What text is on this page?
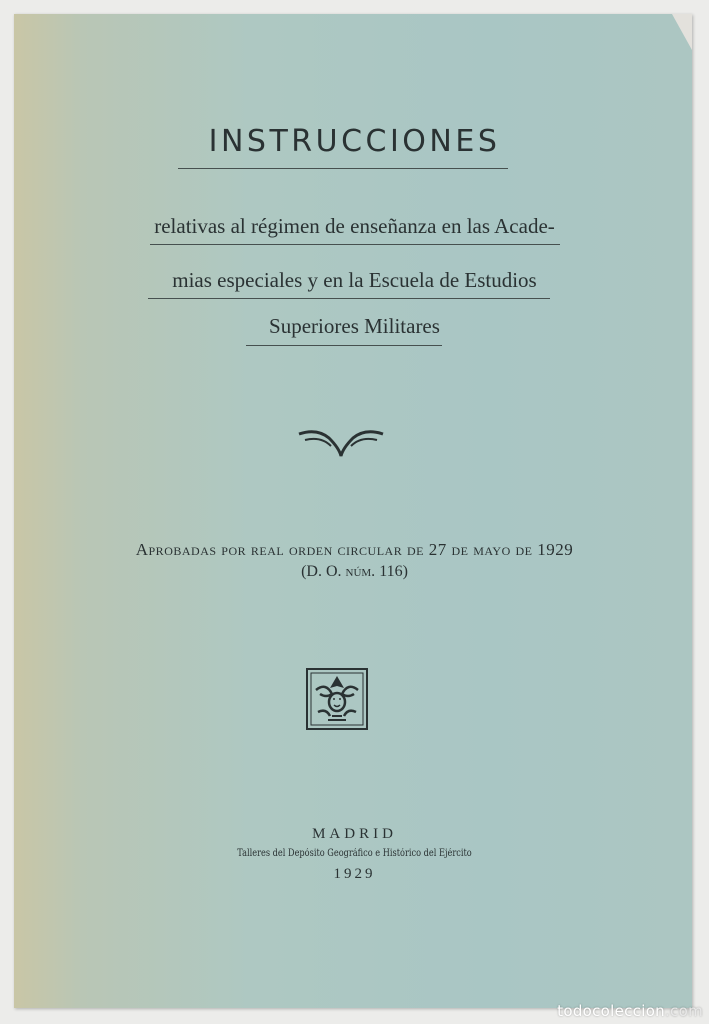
INSTRUCCIONES
relativas al régimen de enseñanza en las Acade-
mias especiales y en la Escuela de Estudios
Superiores Militares
Aprobadas por real orden circular de 27 de mayo de 1929
(D. O. núm. 116)
MADRID
Talleres del Depósito Geográfico e Histórico del Ejército
1929
todocoleccion.com
